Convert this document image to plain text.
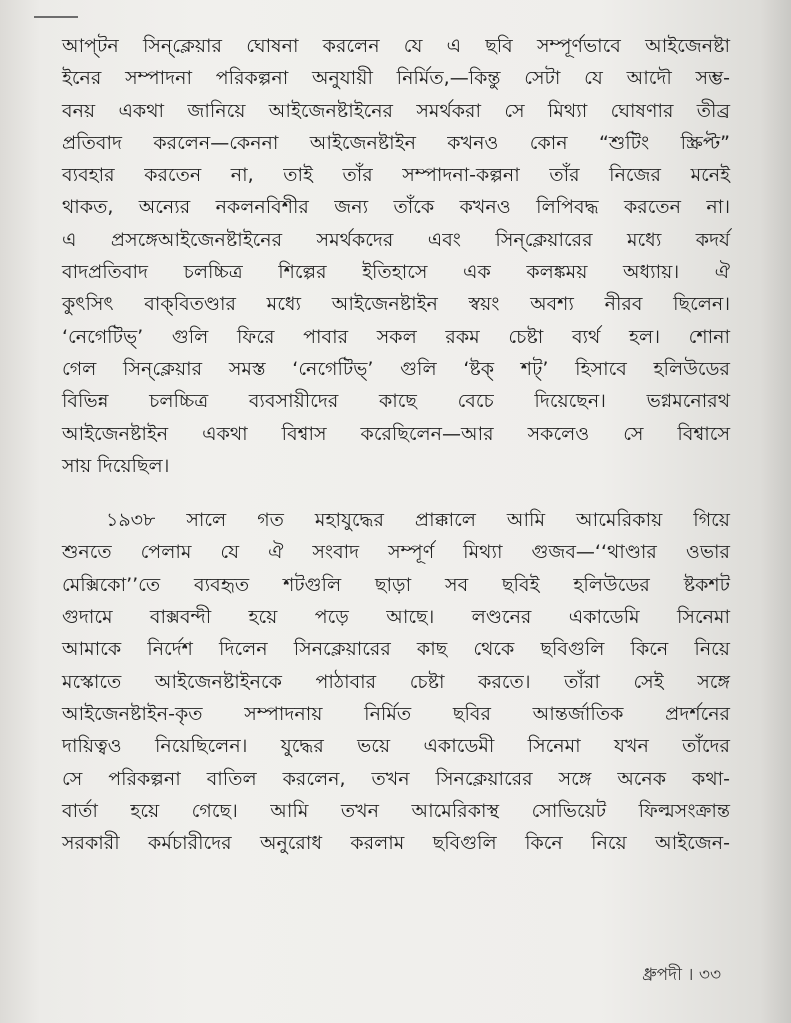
আপ্‌টন সিন্‌ক্লেয়ার ঘোষনা করলেন যে এ ছবি সম্পূর্ণভাবে আইজেনষ্টা
ইনের সম্পাদনা পরিকল্পনা অনুযায়ী নির্মিত,—কিন্তু সেটা যে আদৌ সম্ভ-
বনয় একথা জানিয়ে আইজেনষ্টাইনের সমর্থকরা সে মিথ্যা ঘোষণার তীব্র
প্রতিবাদ করলেন—কেননা আইজেনষ্টাইন কখনও কোন “শুটিং স্ক্রিপ্ট”
ব্যবহার করতেন না, তাই তাঁর সম্পাদনা-কল্পনা তাঁর নিজের মনেই
থাকত, অন্যের নকলনবিশীর জন্য তাঁকে কখনও লিপিবদ্ধ করতেন না।
এ প্রসঙ্গেআইজেনষ্টাইনের সমর্থকদের এবং সিন্‌ক্লেয়ারের মধ্যে কদর্য
বাদপ্রতিবাদ চলচ্চিত্র শিল্পের ইতিহাসে এক কলঙ্কময় অধ্যায়। ঐ
কুৎসিৎ বাক্‌বিতণ্ডার মধ্যে আইজেনষ্টাইন স্বয়ং অবশ্য নীরব ছিলেন।
‘নেগেটিভ্‌’ গুলি ফিরে পাবার সকল রকম চেষ্টা ব্যর্থ হল। শোনা
গেল সিন্‌ক্লেয়ার সমস্ত ‘নেগেটিভ্‌’ গুলি ‘ষ্টক্ শট্’ হিসাবে হলিউডের
বিভিন্ন চলচ্চিত্র ব্যবসায়ীদের কাছে বেচে দিয়েছেন। ভগ্নমনোরথ
আইজেনষ্টাইন একথা বিশ্বাস করেছিলেন—আর সকলেও সে বিশ্বাসে
সায় দিয়েছিল।
১৯৩৮ সালে গত মহাযুদ্ধের প্রাক্কালে আমি আমেরিকায় গিয়ে
শুনতে পেলাম যে ঐ সংবাদ সম্পূর্ণ মিথ্যা গুজব—‘‘থাণ্ডার ওভার
মেক্সিকো’’তে ব্যবহৃত শটগুলি ছাড়া সব ছবিই হলিউডের ষ্টকশট
গুদামে বাক্সবন্দী হয়ে পড়ে আছে। লণ্ডনের একাডেমি সিনেমা
আমাকে নির্দেশ দিলেন সিনক্লেয়ারের কাছ থেকে ছবিগুলি কিনে নিয়ে
মস্কোতে আইজেনষ্টাইনকে পাঠাবার চেষ্টা করতে। তাঁরা সেই সঙ্গে
আইজেনষ্টাইন-কৃত সম্পাদনায় নির্মিত ছবির আন্তর্জাতিক প্রদর্শনের
দায়িত্বও নিয়েছিলেন। যুদ্ধের ভয়ে একাডেমী সিনেমা যখন তাঁদের
সে পরিকল্পনা বাতিল করলেন, তখন সিনক্লেয়ারের সঙ্গে অনেক কথা-
বার্তা হয়ে গেছে। আমি তখন আমেরিকাস্থ সোভিয়েট ফিল্মসংক্রান্ত
সরকারী কর্মচারীদের অনুরোধ করলাম ছবিগুলি কিনে নিয়ে আইজেন-
ধ্রুপদী । ৩৩
